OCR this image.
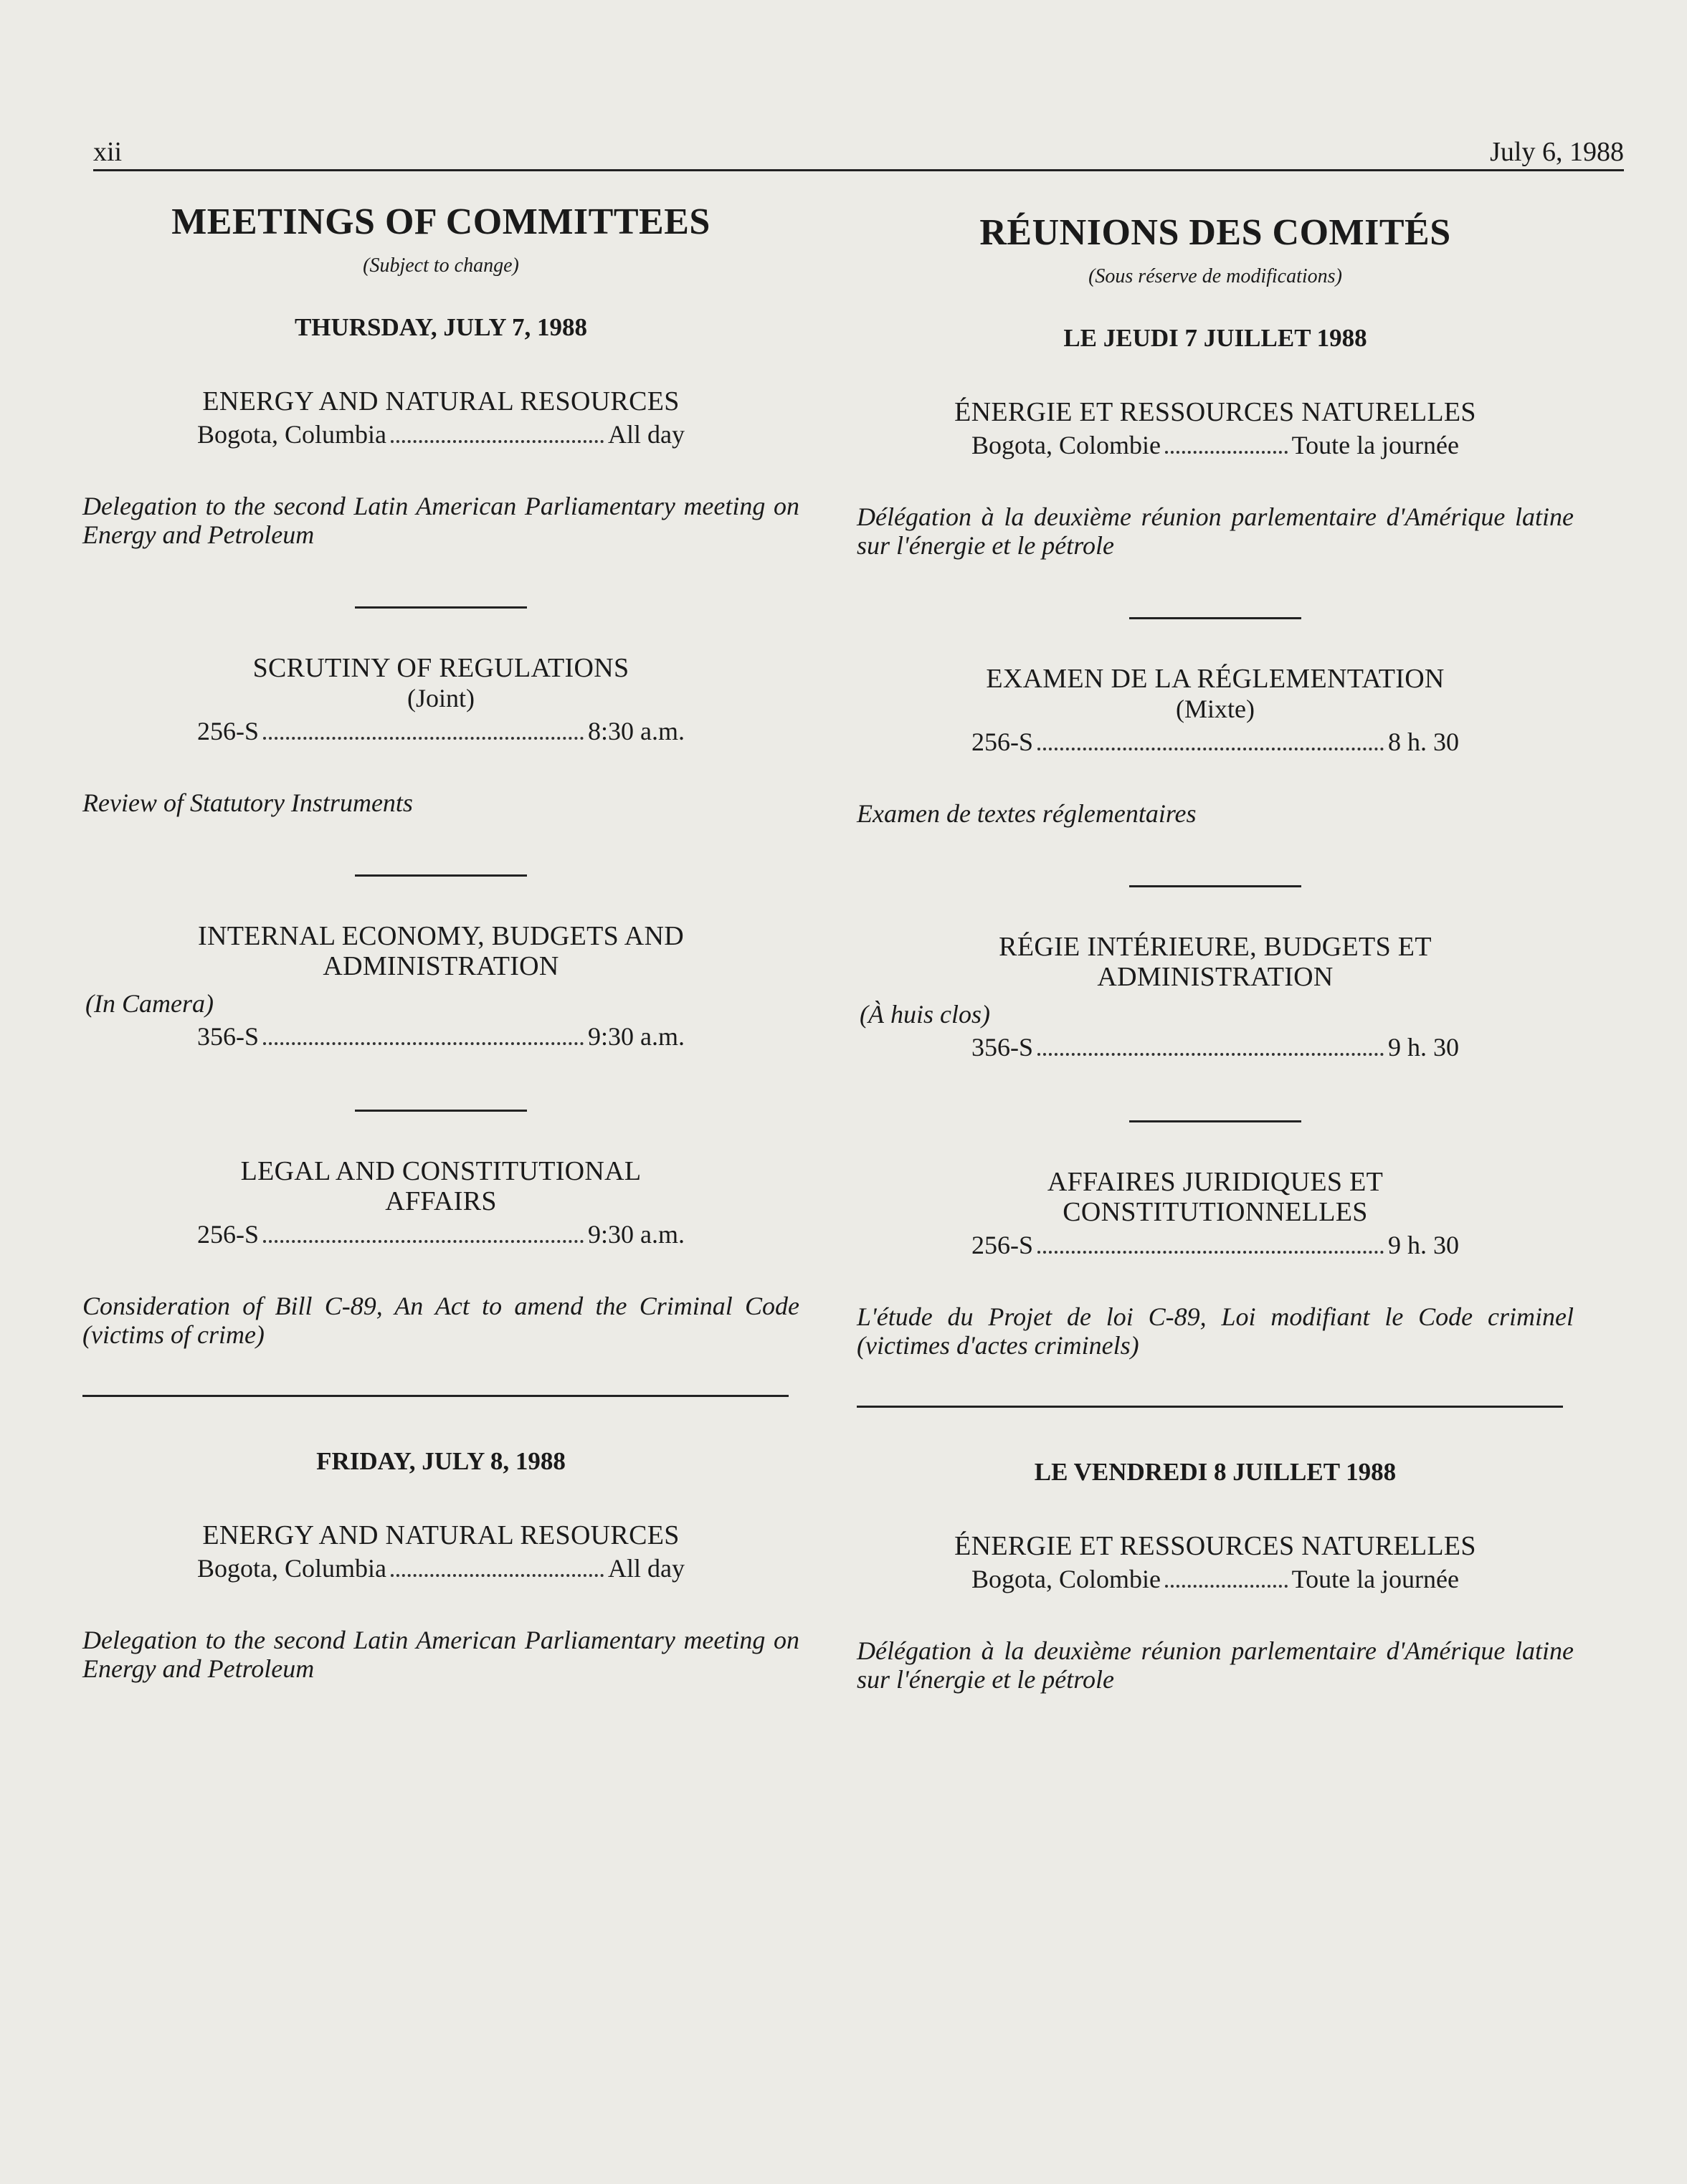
xii	July 6, 1988
MEETINGS OF COMMITTEES
(Subject to change)
THURSDAY, JULY 7, 1988
ENERGY AND NATURAL RESOURCES
Bogota, Columbia	All day
Delegation to the second Latin American Parliamentary meeting on Energy and Petroleum
SCRUTINY OF REGULATIONS
(Joint)
256-S	8:30 a.m.
Review of Statutory Instruments
INTERNAL ECONOMY, BUDGETS AND
ADMINISTRATION
(In Camera)
356-S	9:30 a.m.
LEGAL AND CONSTITUTIONAL
AFFAIRS
256-S	9:30 a.m.
Consideration of Bill C-89, An Act to amend the Criminal Code (victims of crime)
FRIDAY, JULY 8, 1988
ENERGY AND NATURAL RESOURCES
Bogota, Columbia	All day
Delegation to the second Latin American Parliamentary meeting on Energy and Petroleum
RÉUNIONS DES COMITÉS
(Sous réserve de modifications)
LE JEUDI 7 JUILLET 1988
ÉNERGIE ET RESSOURCES NATURELLES
Bogota, Colombie	Toute la journée
Délégation à la deuxième réunion parlementaire d'Amérique latine sur l'énergie et le pétrole
EXAMEN DE LA RÉGLEMENTATION
(Mixte)
256-S	8 h. 30
Examen de textes réglementaires
RÉGIE INTÉRIEURE, BUDGETS ET
ADMINISTRATION
(À huis clos)
356-S	9 h. 30
AFFAIRES JURIDIQUES ET
CONSTITUTIONNELLES
256-S	9 h. 30
L'étude du Projet de loi C-89, Loi modifiant le Code criminel (victimes d'actes criminels)
LE VENDREDI 8 JUILLET 1988
ÉNERGIE ET RESSOURCES NATURELLES
Bogota, Colombie	Toute la journée
Délégation à la deuxième réunion parlementaire d'Amérique latine sur l'énergie et le pétrole
